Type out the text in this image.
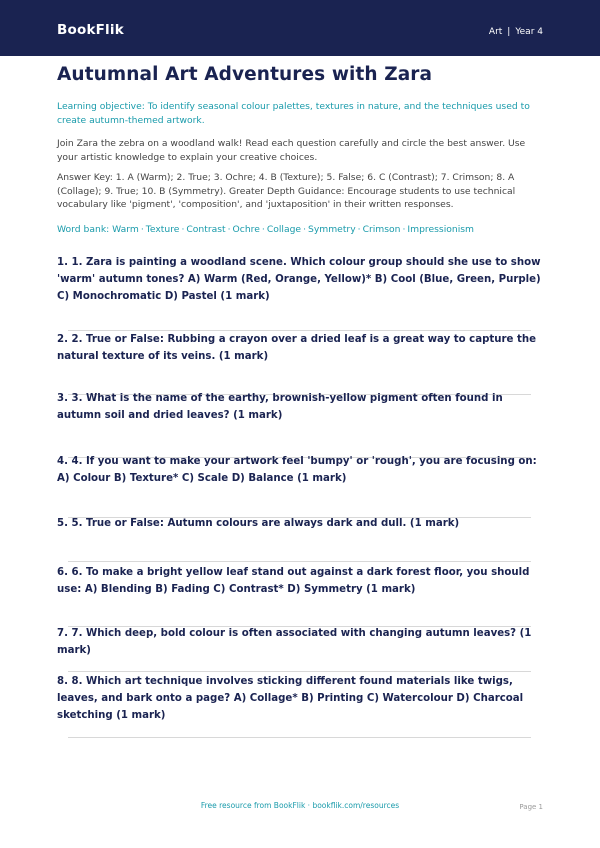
BookFlik	Art | Year 4
Autumnal Art Adventures with Zara
Learning objective: To identify seasonal colour palettes, textures in nature, and the techniques used to create autumn-themed artwork.
Join Zara the zebra on a woodland walk! Read each question carefully and circle the best answer. Use your artistic knowledge to explain your creative choices.
Answer Key: 1. A (Warm); 2. True; 3. Ochre; 4. B (Texture); 5. False; 6. C (Contrast); 7. Crimson; 8. A (Collage); 9. True; 10. B (Symmetry). Greater Depth Guidance: Encourage students to use technical vocabulary like 'pigment', 'composition', and 'juxtaposition' in their written responses.
Word bank: Warm · Texture · Contrast · Ochre · Collage · Symmetry · Crimson · Impressionism
1. 1. Zara is painting a woodland scene. Which colour group should she use to show 'warm' autumn tones? A) Warm (Red, Orange, Yellow)* B) Cool (Blue, Green, Purple) C) Monochromatic D) Pastel (1 mark)
2. 2. True or False: Rubbing a crayon over a dried leaf is a great way to capture the natural texture of its veins. (1 mark)
3. 3. What is the name of the earthy, brownish-yellow pigment often found in autumn soil and dried leaves? (1 mark)
4. 4. If you want to make your artwork feel 'bumpy' or 'rough', you are focusing on: A) Colour B) Texture* C) Scale D) Balance (1 mark)
5. 5. True or False: Autumn colours are always dark and dull. (1 mark)
6. 6. To make a bright yellow leaf stand out against a dark forest floor, you should use: A) Blending B) Fading C) Contrast* D) Symmetry (1 mark)
7. 7. Which deep, bold colour is often associated with changing autumn leaves? (1 mark)
8. 8. Which art technique involves sticking different found materials like twigs, leaves, and bark onto a page? A) Collage* B) Printing C) Watercolour D) Charcoal sketching (1 mark)
Free resource from BookFlik · bookflik.com/resources	Page 1
